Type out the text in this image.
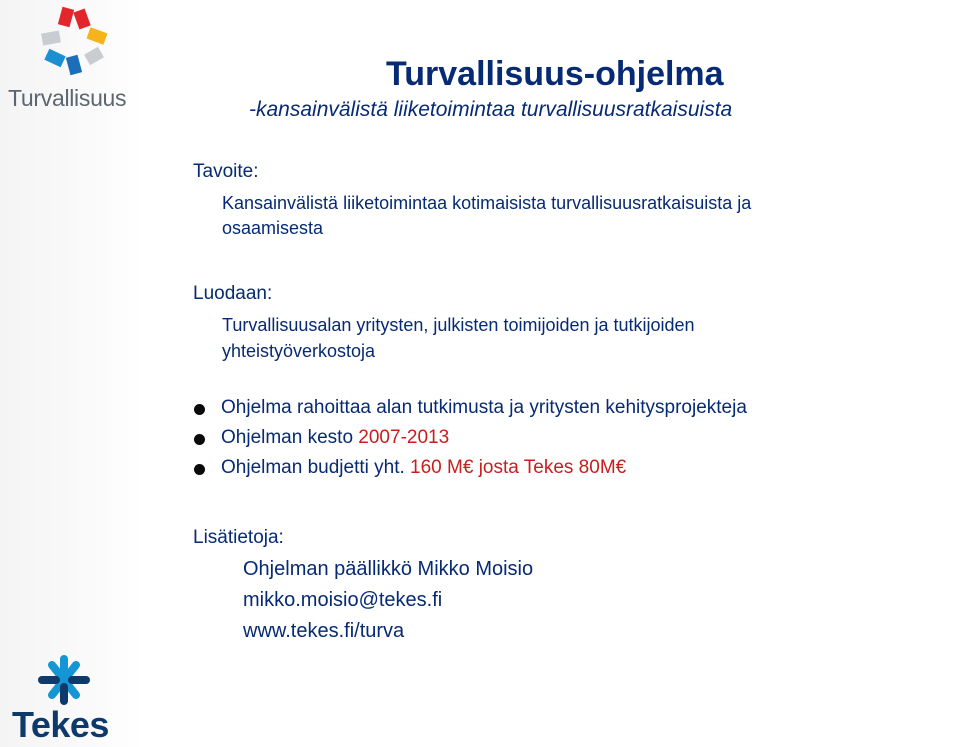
Turvallisuus
Tekes
Turvallisuus-ohjelma
-kansainvälistä liiketoimintaa turvallisuusratkaisuista
Tavoite:
Kansainvälistä liiketoimintaa kotimaisista turvallisuusratkaisuista ja
osaamisesta
Luodaan:
Turvallisuusalan yritysten, julkisten toimijoiden ja tutkijoiden
yhteistyöverkostoja
Ohjelma rahoittaa alan tutkimusta ja yritysten kehitysprojekteja
Ohjelman kesto 2007-2013
Ohjelman budjetti yht. 160 M€ josta Tekes 80M€
Lisätietoja:
Ohjelman päällikkö Mikko Moisio
mikko.moisio@tekes.fi
www.tekes.fi/turva
